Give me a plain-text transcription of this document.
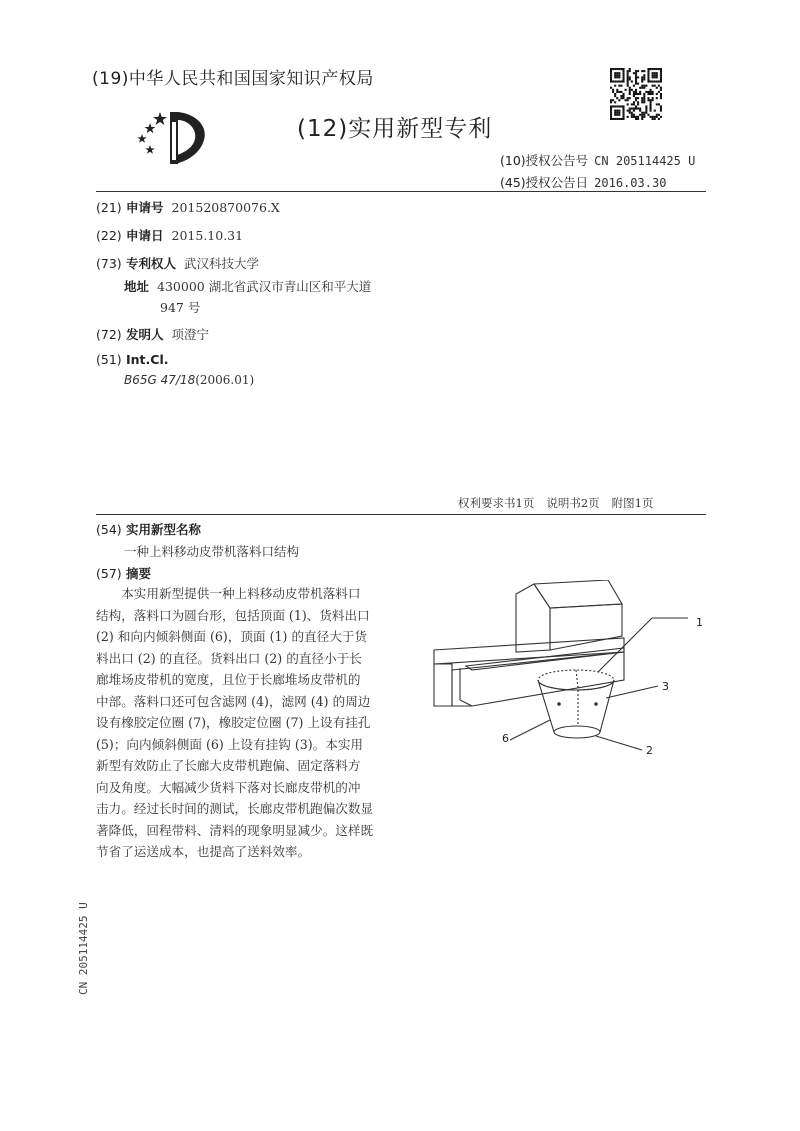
(19)中华人民共和国国家知识产权局
(12)实用新型专利
(10)授权公告号 CN 205114425 U
(45)授权公告日 2016.03.30
(21) 申请号 201520870076.X
(22) 申请日 2015.10.31
(73) 专利权人 武汉科技大学
地址 430000 湖北省武汉市青山区和平大道
947 号
(72) 发明人 项澄宁
(51) Int.Cl.
B65G 47/18(2006.01)
权利要求书1页 说明书2页 附图1页
(54) 实用新型名称
一种上料移动皮带机落料口结构
(57) 摘要
　　本实用新型提供一种上料移动皮带机落料口
结构，落料口为圆台形，包括顶面 (1)、货料出口
(2) 和向内倾斜侧面 (6)，顶面 (1) 的直径大于货
料出口 (2) 的直径。货料出口 (2) 的直径小于长
廊堆场皮带机的宽度，且位于长廊堆场皮带机的
中部。落料口还可包含滤网 (4)，滤网 (4) 的周边
设有橡胶定位圈 (7)，橡胶定位圈 (7) 上设有挂孔
(5)；向内倾斜侧面 (6) 上设有挂钩 (3)。本实用
新型有效防止了长廊大皮带机跑偏、固定落料方
向及角度。大幅减少货料下落对长廊皮带机的冲
击力。经过长时间的测试，长廊皮带机跑偏次数显
著降低，回程带料、清料的现象明显减少。这样既
节省了运送成本，也提高了送料效率。
1
3
6
2
CN 205114425 U
